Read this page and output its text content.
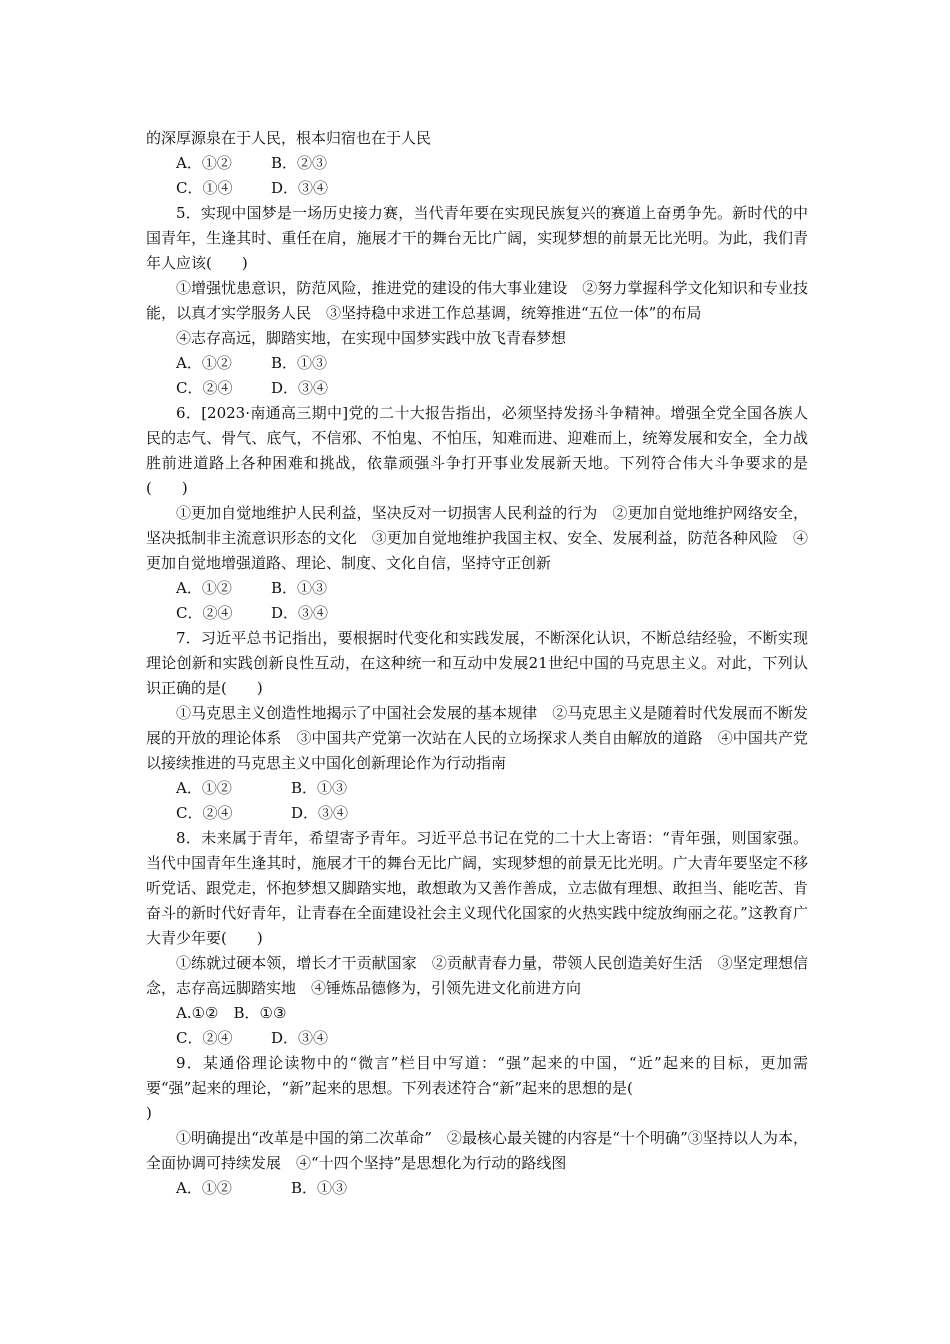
的深厚源泉在于人民，根本归宿也在于人民
A．①②	B．②③
C．①④	D．③④
5．实现中国梦是一场历史接力赛，当代青年要在实现民族复兴的赛道上奋勇争先。新时代的中国青年，生逢其时、重任在肩，施展才干的舞台无比广阔，实现梦想的前景无比光明。为此，我们青年人应该(　　)
①增强忧患意识，防范风险，推进党的建设的伟大事业建设　②努力掌握科学文化知识和专业技能，以真才实学服务人民　③坚持稳中求进工作总基调，统筹推进“五位一体”的布局
④志存高远，脚踏实地，在实现中国梦实践中放飞青春梦想
A．①②	B．①③
C．②④	D．③④
6．[2023·南通高三期中]党的二十大报告指出，必须坚持发扬斗争精神。增强全党全国各族人民的志气、骨气、底气，不信邪、不怕鬼、不怕压，知难而进、迎难而上，统筹发展和安全，全力战胜前进道路上各种困难和挑战，依靠顽强斗争打开事业发展新天地。下列符合伟大斗争要求的是(　　)
①更加自觉地维护人民利益，坚决反对一切损害人民利益的行为　②更加自觉地维护网络安全，坚决抵制非主流意识形态的文化　③更加自觉地维护我国主权、安全、发展利益，防范各种风险　④更加自觉地增强道路、理论、制度、文化自信，坚持守正创新
A．①②	B．①③
C．②④	D．③④
7．习近平总书记指出，要根据时代变化和实践发展，不断深化认识，不断总结经验，不断实现理论创新和实践创新良性互动，在这种统一和互动中发展21世纪中国的马克思主义。对此，下列认识正确的是(　　)
①马克思主义创造性地揭示了中国社会发展的基本规律　②马克思主义是随着时代发展而不断发展的开放的理论体系　③中国共产党第一次站在人民的立场探求人类自由解放的道路　④中国共产党以接续推进的马克思主义中国化创新理论作为行动指南
A．①②	B．①③
C．②④	D．③④
8．未来属于青年，希望寄予青年。习近平总书记在党的二十大上寄语：“青年强，则国家强。当代中国青年生逢其时，施展才干的舞台无比广阔，实现梦想的前景无比光明。广大青年要坚定不移听党话、跟党走，怀抱梦想又脚踏实地，敢想敢为又善作善成，立志做有理想、敢担当、能吃苦、肯奋斗的新时代好青年，让青春在全面建设社会主义现代化国家的火热实践中绽放绚丽之花。”这教育广大青少年要(　　)
①练就过硬本领，增长才干贡献国家　②贡献青春力量，带领人民创造美好生活　③坚定理想信念，志存高远脚踏实地　④锤炼品德修为，引领先进文化前进方向
A.①②　B．①③
C．②④	D．③④
9．某通俗理论读物中的“微言”栏目中写道：“强”起来的中国，“近”起来的目标，更加需要“强”起来的理论，“新”起来的思想。下列表述符合“新”起来的思想的是(
)
①明确提出“改革是中国的第二次革命”　②最核心最关键的内容是“十个明确”③坚持以人为本，全面协调可持续发展　④“十四个坚持”是思想化为行动的路线图
A．①②	B．①③
